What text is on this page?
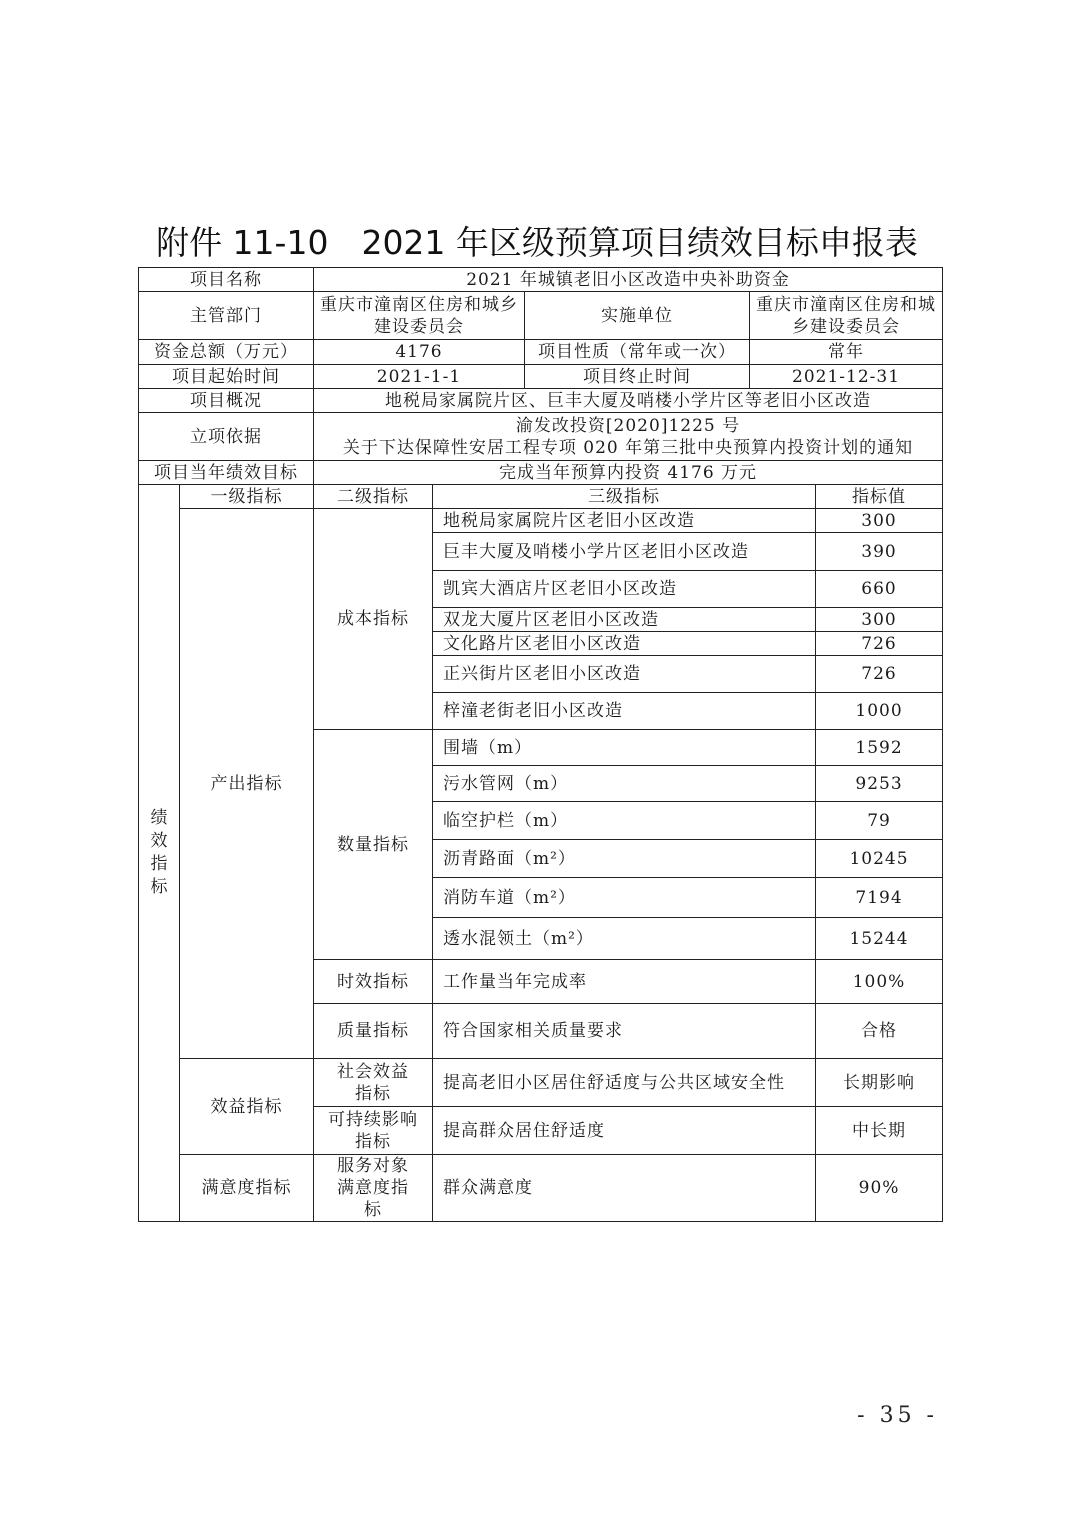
附件 11-10　2021 年区级预算项目绩效目标申报表
项目名称		2021 年城镇老旧小区改造中央补助资金				
主管部门		重庆市潼南区住房和城乡建设委员会		实施单位	重庆市潼南区住房和城乡建设委员会	
资金总额（万元）		4176		项目性质（常年或一次）	常年	
项目起始时间		2021-1-1		项目终止时间	2021-12-31	
项目概况		地税局家属院片区、巨丰大厦及哨楼小学片区等老旧小区改造				
立项依据		渝发改投资[2020]1225 号
关于下达保障性安居工程专项 020 年第三批中央预算内投资计划的通知				

项目当年绩效目标		完成当年预算内投资 4176 万元				

绩效指标	一级指标	二级指标	三级指标			指标值
	产出指标	成本指标	地税局家属院片区老旧小区改造			300
			巨丰大厦及哨楼小学片区老旧小区改造			390
			凯宾大酒店片区老旧小区改造			660
			双龙大厦片区老旧小区改造			300
			文化路片区老旧小区改造			726
			正兴街片区老旧小区改造			726
			梓潼老街老旧小区改造			1000
		数量指标	围墙（m）			1592
			污水管网（m）			9253
			临空护栏（m）			79
			沥青路面（m²）			10245
			消防车道（m²）			7194
			透水混领土（m²）			15244
		时效指标	工作量当年完成率			100%
		质量指标	符合国家相关质量要求			合格
	效益指标	社会效益指标	提高老旧小区居住舒适度与公共区域安全性			长期影响

		可持续影响指标	提高群众居住舒适度			中长期
	满意度指标	服务对象满意度指标	群众满意度			90%
- 35 -
